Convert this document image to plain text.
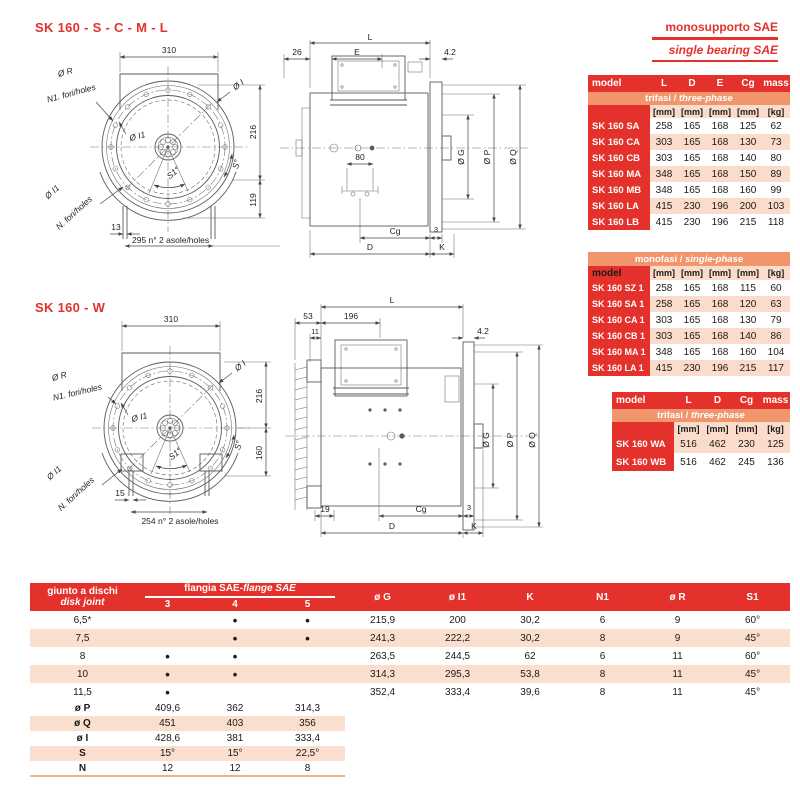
SK 160 - S - C - M - L
SK 160 - W
monosupporto SAE
single bearing SAE
310
216
119
S°
S1°
Ø R
N1. fori/holes
Ø I1
Ø I
Ø I1
N. fori/holes 13
295 n° 2 asole/holes
80	Ø G Ø P Ø Q
L
26	E	4.2
Cg	3
D	K
310
216
160
S°
S1°
Ø R
N1. fori/holes
Ø I1
Ø I
Ø I1
N. fori/holes 15
254 n° 2 asole/holes
Ø G Ø P Ø Q
L
53	196
11	4.2
19	Cg	3
D	K
model	L	D	E	Cg	mass
trifasi / three-phase					
	[mm]	[mm]	[mm]	[mm]	[kg]
SK 160 SA	258	165	168	125	62
SK 160 CA	303	165	168	130	73
SK 160 CB	303	165	168	140	80
SK 160 MA	348	165	168	150	89
SK 160 MB	348	165	168	160	99
SK 160 LA	415	230	196	200	103
SK 160 LB	415	230	196	215	118
monofasi / single-phase					
model	[mm]	[mm]	[mm]	[mm]	[kg]
SK 160 SZ 1	258	165	168	115	60
SK 160 SA 1	258	165	168	120	63
SK 160 CA 1	303	165	168	130	79
SK 160 CB 1	303	165	168	140	86
SK 160 MA 1	348	165	168	160	104
SK 160 LA 1	415	230	196	215	117
model	L	D	Cg	mass
trifasi / three-phase				
	[mm]	[mm]	[mm]	[kg]
SK 160 WA	516	462	230	125
SK 160 WB	516	462	245	136
giunto a dischi
disk joint	flangia SAE-flange SAE			ø G	ø I1	K	N1	ø R	S1
	3	4	5						
6,5*		•	•	215,9	200	30,2	6	9	60°
7,5		•	•	241,3	222,2	30,2	8	9	45°
8	•	•		263,5	244,5	62	6	11	60°
10	•	•		314,3	295,3	53,8	8	11	45°
11,5	•			352,4	333,4	39,6	8	11	45°
ø P	409,6	362	314,3						
ø Q	451	403	356						
ø I	428,6	381	333,4						
S	15°	15°	22,5°						
N	12	12	8						
